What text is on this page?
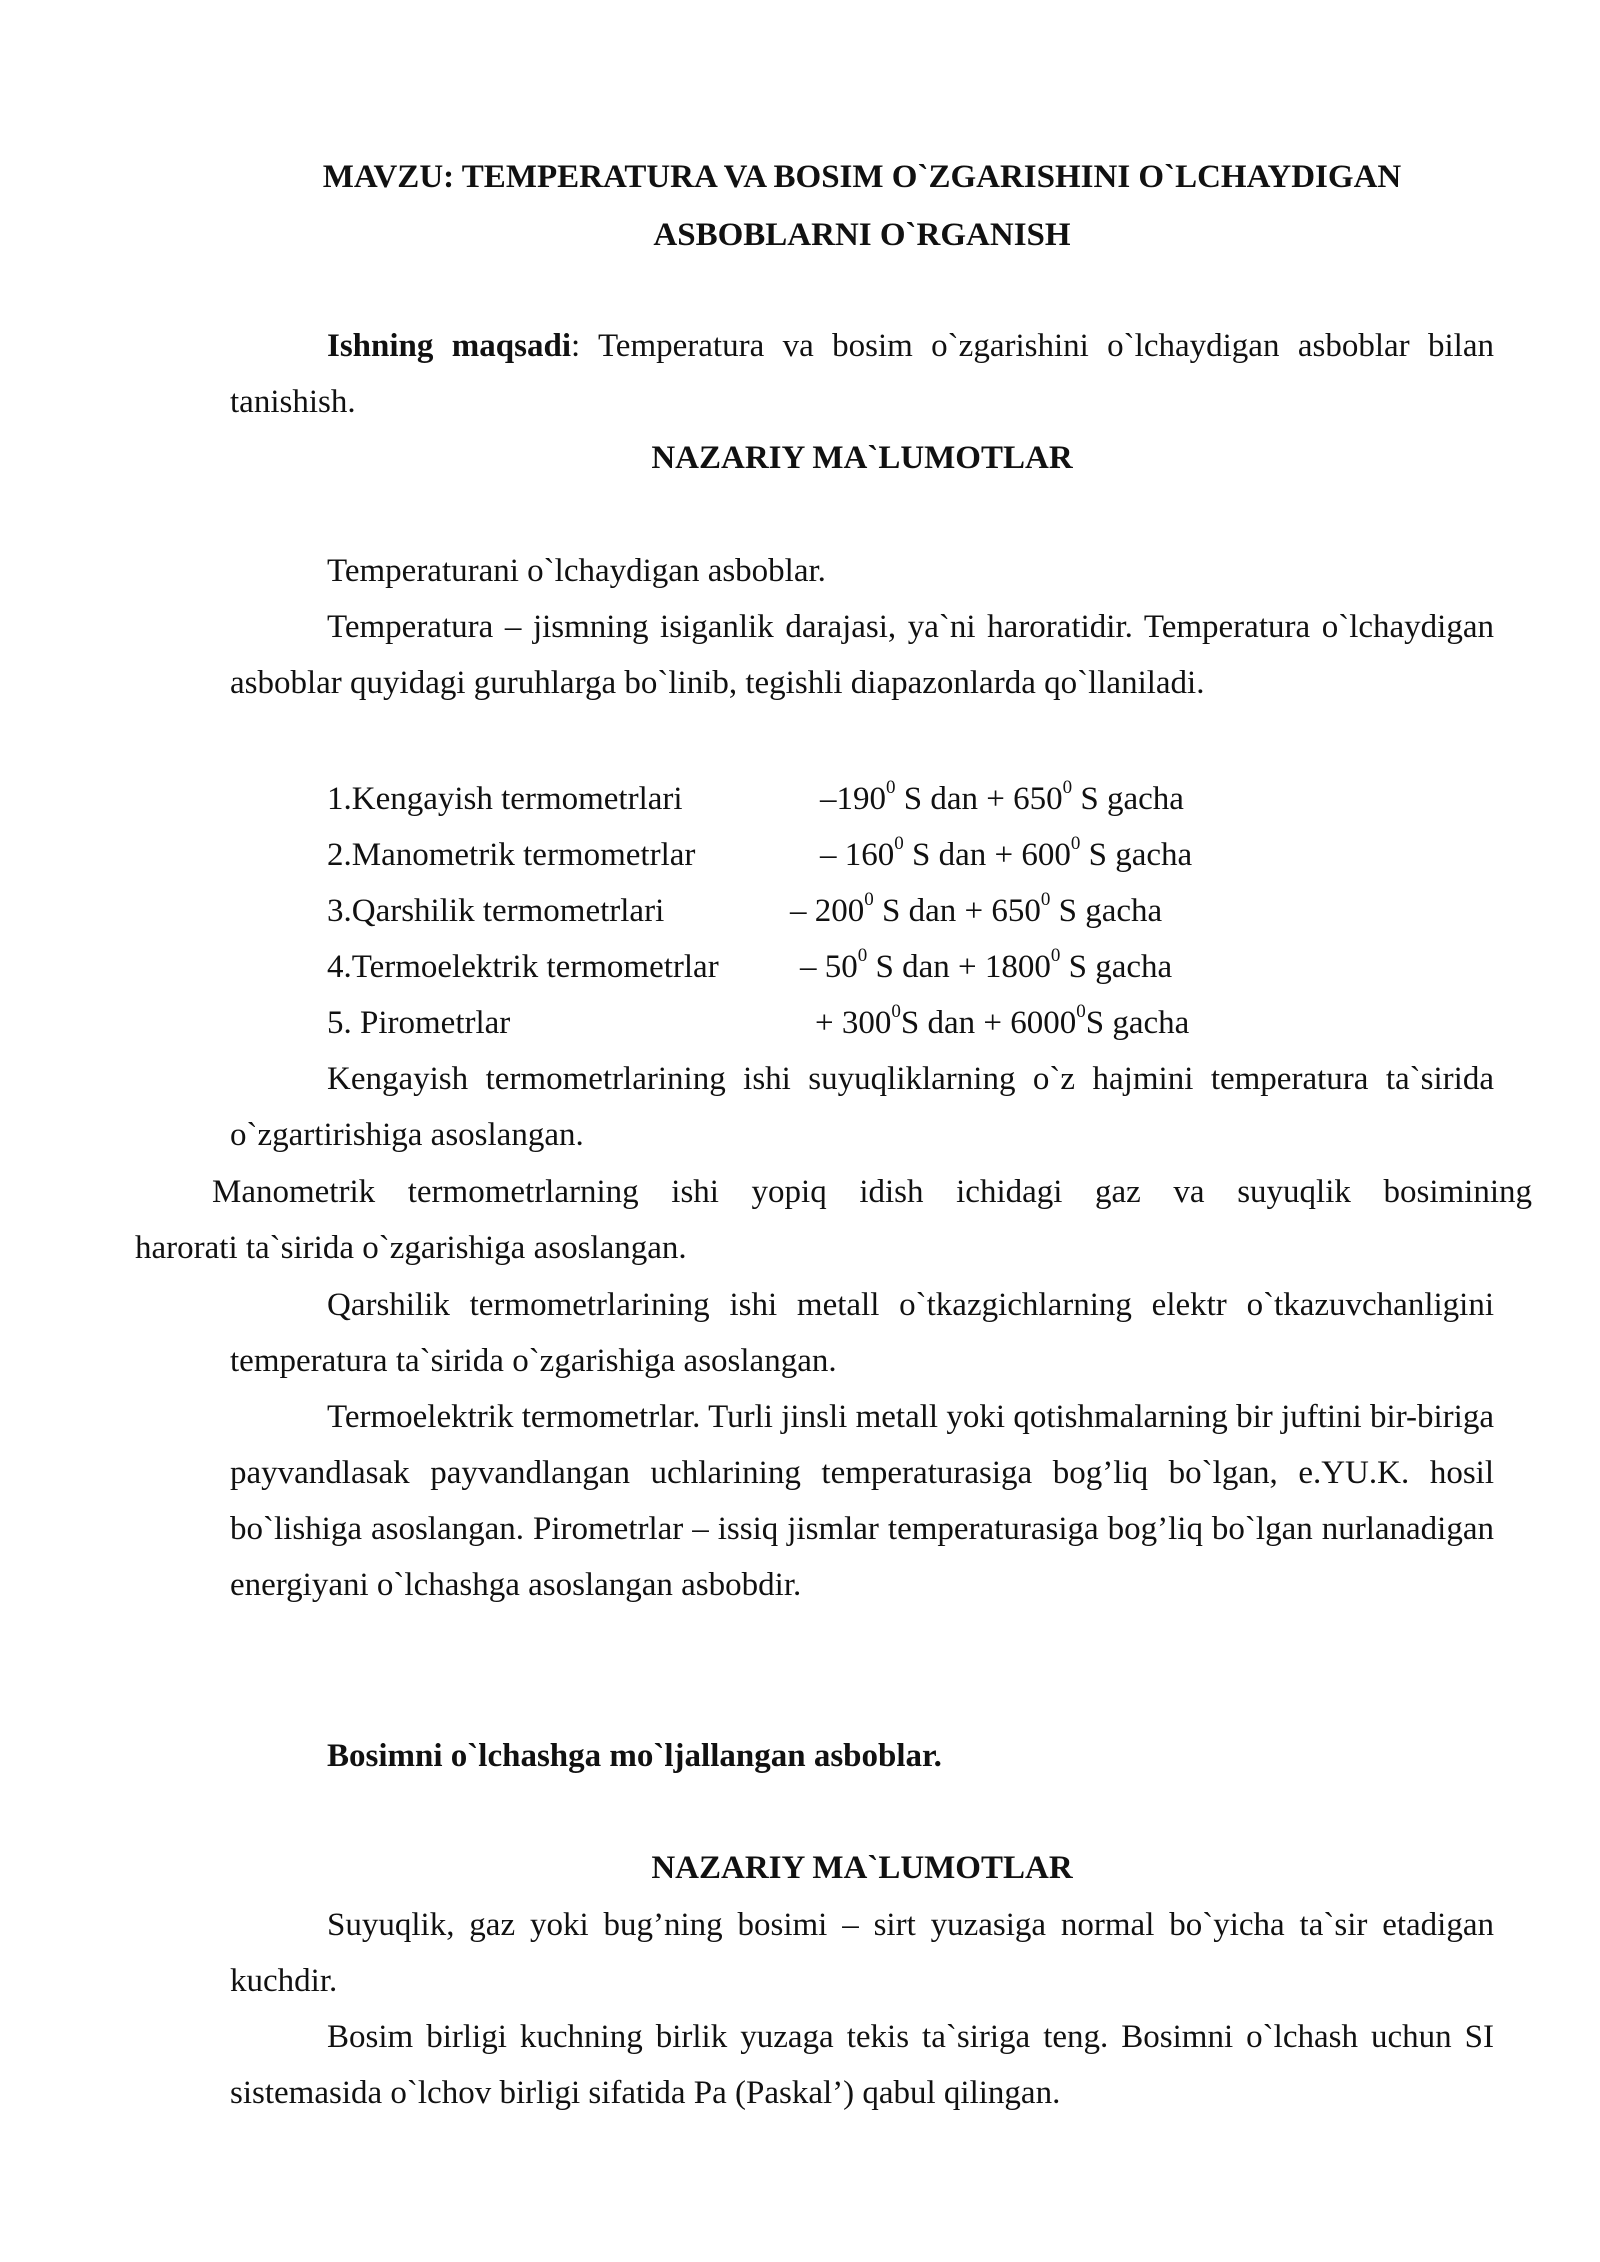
MAVZU: TEMPERATURA VA BOSIM O`ZGARISHINI O`LCHAYDIGAN
ASBOBLARNI O`RGANISH

Ishning maqsadi: Temperatura va bosim o`zgarishini o`lchaydigan asboblar bilan tanishish.

NAZARIY MA`LUMOTLAR

Temperaturani o`lchaydigan asboblar.

Temperatura – jismning isiganlik darajasi, ya`ni haroratidir. Temperatura o`lchaydigan asboblar quyidagi guruhlarga bo`linib, tegishli diapazonlarda qo`llaniladi.

1.Kengayish termometrlari	$-190^0$ S dan + $650^0$ S gacha
2.Manometrik termometrlar	– $160^0$ S dan + $600^0$ S gacha
3.Qarshilik termometrlari	– $200^0$ S dan + $650^0$ S gacha
4.Termoelektrik termometrlar – $50^0$ S dan + $1800^0$ S gacha
5. Pirometrlar	+ $300^0S$ dan + $6000^0S$ gacha

Kengayish termometrlarining ishi suyuqliklarning o`z hajmini temperatura ta`sirida o`zgartirishiga asoslangan.

Manometrik termometrlarning ishi yopiq idish ichidagi gaz va suyuqlik bosimining
harorati ta`sirida o`zgarishiga asoslangan.

Qarshilik termometrlarining ishi metall o`tkazgichlarning elektr o`tkazuvchanligini temperatura ta`sirida o`zgarishiga asoslangan.

Termoelektrik termometrlar. Turli jinsli metall yoki qotishmalarning bir juftini bir-biriga payvandlasak payvandlangan uchlarining temperaturasiga bog’liq bo`lgan, e.YU.K. hosil bo`lishiga asoslangan. Pirometrlar – issiq jismlar temperaturasiga bog’liq bo`lgan nurlanadigan energiyani o`lchashga asoslangan asbobdir.

Bosimni o`lchashga mo`ljallangan asboblar.

NAZARIY MA`LUMOTLAR

Suyuqlik, gaz yoki bug’ning bosimi – sirt yuzasiga normal bo`yicha ta`sir etadigan kuchdir.

Bosim birligi kuchning birlik yuzaga tekis ta`siriga teng. Bosimni o`lchash uchun SI sistemasida o`lchov birligi sifatida Pa (Paskal’) qabul qilingan.
